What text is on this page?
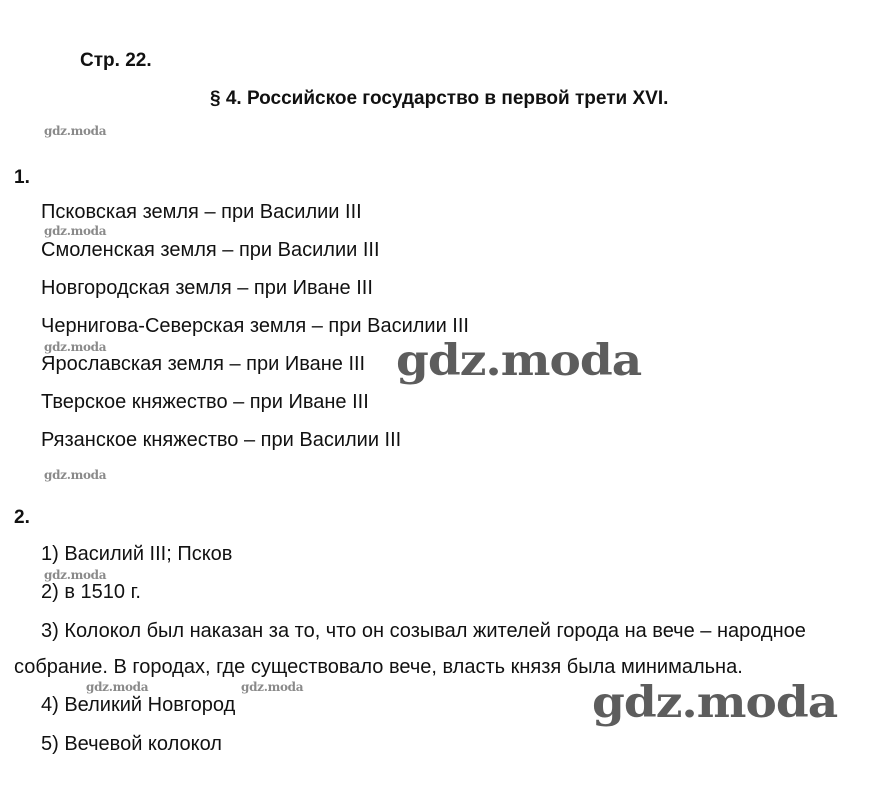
Стр. 22.
§ 4. Российское государство в первой трети XVI.
gdz.moda
1.
Псковская земля – при Василии III
gdz.moda
Смоленская земля – при Василии III
Новгородская земля – при Иване III
Чернигова-Северская земля – при Василии III
gdz.moda
Ярославская земля – при Иване III gdz.moda
Тверское княжество – при Иване III
Рязанское княжество – при Василии III
gdz.moda
2.
1) Василий III; Псков
gdz.moda
2) в 1510 г.
3) Колокол был наказан за то, что он созывал жителей города на вече – народное
собрание. В городах, где существовало вече, власть князя была минимальна.
gdz.moda	gdz.moda
4) Великий Новгород	gdz.moda
5) Вечевой колокол
